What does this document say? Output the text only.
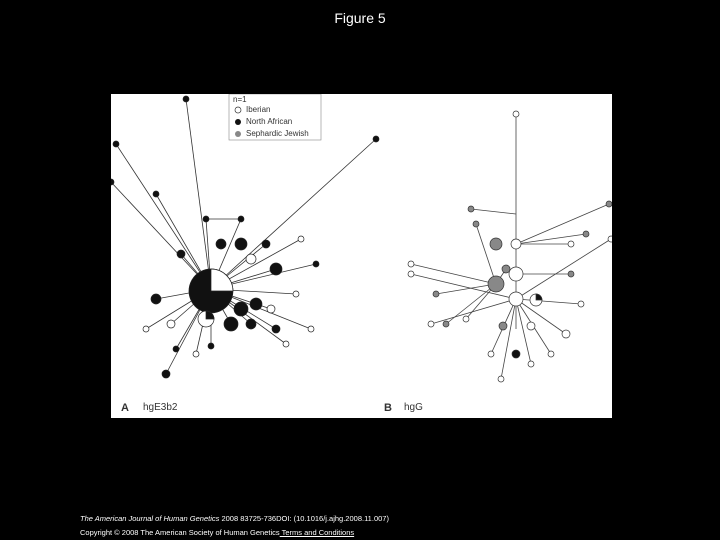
Figure 5
n=1
Iberian
North African
Sephardic Jewish
A hgE3b2	B hgG
The American Journal of Human Genetics 2008 83725-736DOI: (10.1016/j.ajhg.2008.11.007)
Copyright © 2008 The American Society of Human Genetics Terms and Conditions
